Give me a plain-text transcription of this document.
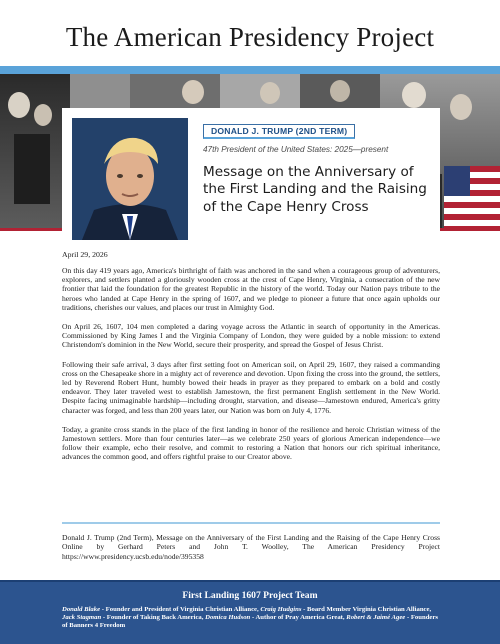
The American Presidency Project
DONALD J. TRUMP (2ND TERM)
47th President of the United States: 2025—present
Message on the Anniversary of the First Landing and the Raising of the Cape Henry Cross
April 29, 2026

On this day 419 years ago, America's birthright of faith was anchored in the sand when a courageous group of adventurers, explorers, and settlers planted a gloriously wooden cross at the crest of Cape Henry, Virginia, a consecration of the new frontier that laid the foundation for the greatest Republic in the history of the world. Today our Nation pays tribute to the heroes who landed at Cape Henry in the spring of 1607, and we pledge to pioneer a future that once again upholds our traditions, cherishes our values, and places our trust in Almighty God.

On April 26, 1607, 104 men completed a daring voyage across the Atlantic in search of opportunity in the Americas. Commissioned by King James I and the Virginia Company of London, they were guided by a noble mission: to extend Christendom's dominion in the New World, secure their prosperity, and spread the Gospel of Jesus Christ.

Following their safe arrival, 3 days after first setting foot on American soil, on April 29, 1607, they raised a commanding cross on the Chesapeake shore in a mighty act of reverence and devotion. Upon fixing the cross into the ground, the settlers, led by Reverend Robert Hunt, humbly bowed their heads in prayer as they prepared to embark on a bold and costly endeavor. They later traveled west to establish Jamestown, the first permanent English settlement in the New World. Despite facing unimaginable hardship—including drought, starvation, and disease—Jamestown endured, America's gritty character was forged, and less than 200 years later, our Nation was born on July 4, 1776.

Today, a granite cross stands in the place of the first landing in honor of the resilience and heroic Christian witness of the Jamestown settlers. More than four centuries later—as we celebrate 250 years of glorious American independence—we follow their example, echo their resolve, and commit to restoring a Nation that honors our rich spiritual inheritance, advances the common good, and offers rightful praise to our Creator above.

Donald J. Trump (2nd Term), Message on the Anniversary of the First Landing and the Raising of the Cape Henry Cross Online by Gerhard Peters and John T. Woolley, The American Presidency Project https://www.presidency.ucsb.edu/node/395358
First Landing 1607 Project Team
Donald Blake - Founder and President of Virginia Christian Alliance, Craig Hudgins - Board Member Virginia Christian Alliance, Jack Stagman - Founder of Taking Back America, Domica Hudson - Author of Pray America Great, Robert & Jaimé Agee - Founders of Banners 4 Freedom
